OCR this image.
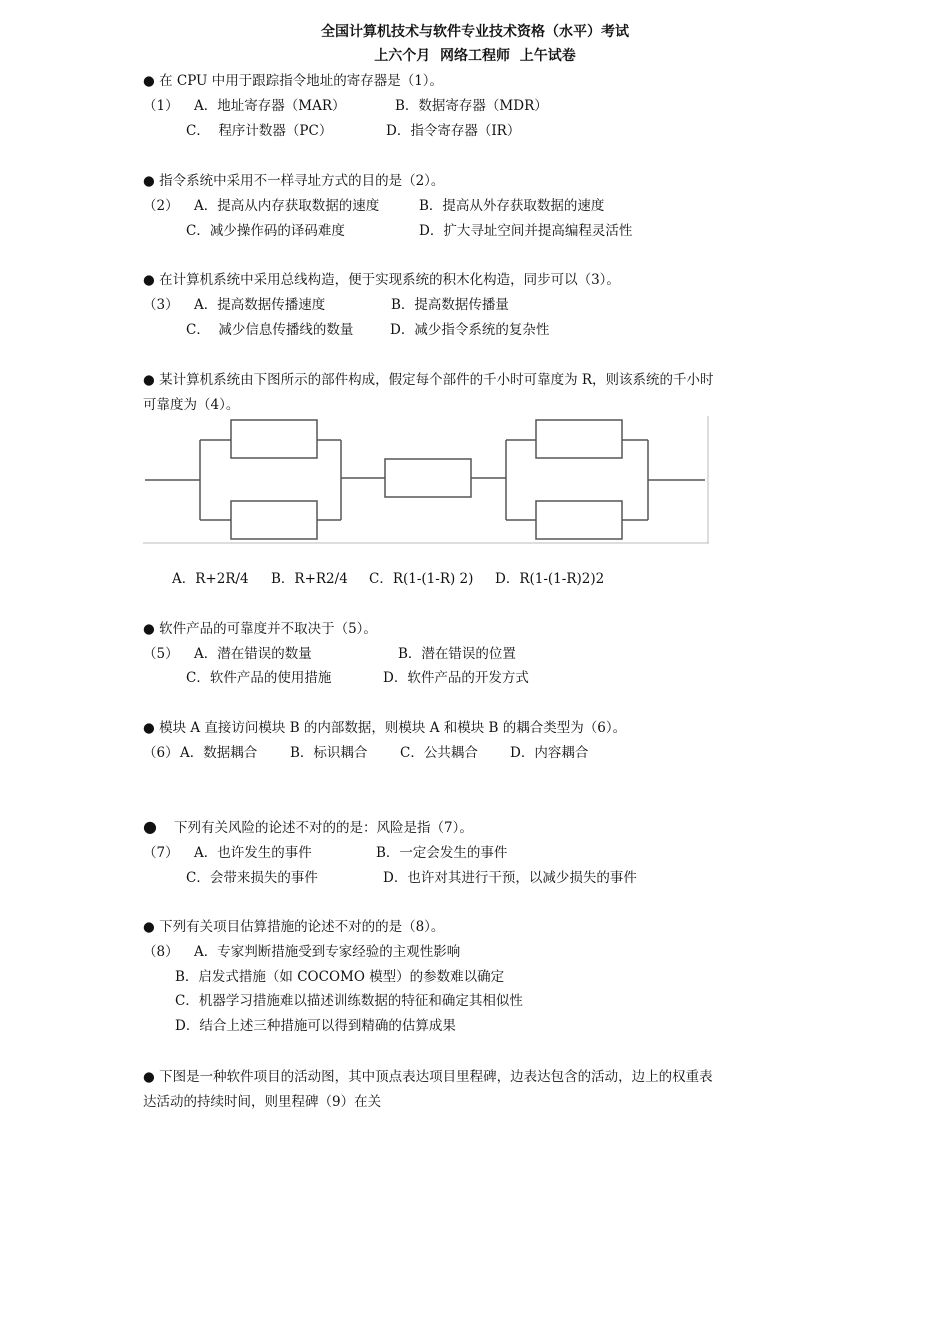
全国计算机技术与软件专业技术资格（水平）考试
上六个月  网络工程师  上午试卷
● 在 CPU 中用于跟踪指令地址的寄存器是（1）。
（1） A．地址寄存器（MAR）	B．数据寄存器（MDR）
C．  程序计数器（PC）	D．指令寄存器（IR）
● 指令系统中采用不一样寻址方式的目的是（2）。
（2） A．提高从内存获取数据的速度	B．提高从外存获取数据的速度
C．减少操作码的译码难度	D．扩大寻址空间并提高编程灵活性
● 在计算机系统中采用总线构造，便于实现系统的积木化构造，同步可以（3）。
（3） A．提高数据传播速度	B．提高数据传播量
C．  减少信息传播线的数量	D．减少指令系统的复杂性
● 某计算机系统由下图所示的部件构成，假定每个部件的千小时可靠度为 R，则该系统的千小时
可靠度为（4）。
A．R+2R/4 B．R+R2/4 C．R(1-(1-R) 2) D．R(1-(1-R)2)2
● 软件产品的可靠度并不取决于（5）。
（5） A．潜在错误的数量	B．潜在错误的位置
C．软件产品的使用措施	D．软件产品的开发方式
● 模块 A 直接访问模块 B 的内部数据，则模块 A 和模块 B 的耦合类型为（6）。
（6） A．数据耦合 B．标识耦合 C．公共耦合 D．内容耦合
● 下列有关风险的论述不对的的是：风险是指（7）。
（7） A．也许发生的事件	B．一定会发生的事件
C．会带来损失的事件	D．也许对其进行干预，以减少损失的事件
● 下列有关项目估算措施的论述不对的的是（8）。
（8） A．专家判断措施受到专家经验的主观性影响
B．启发式措施（如 COCOMO 模型）的参数难以确定
C．机器学习措施难以描述训练数据的特征和确定其相似性
D．结合上述三种措施可以得到精确的估算成果
● 下图是一种软件项目的活动图，其中顶点表达项目里程碑，边表达包含的活动，边上的权重表
达活动的持续时间，则里程碑（9）在关
